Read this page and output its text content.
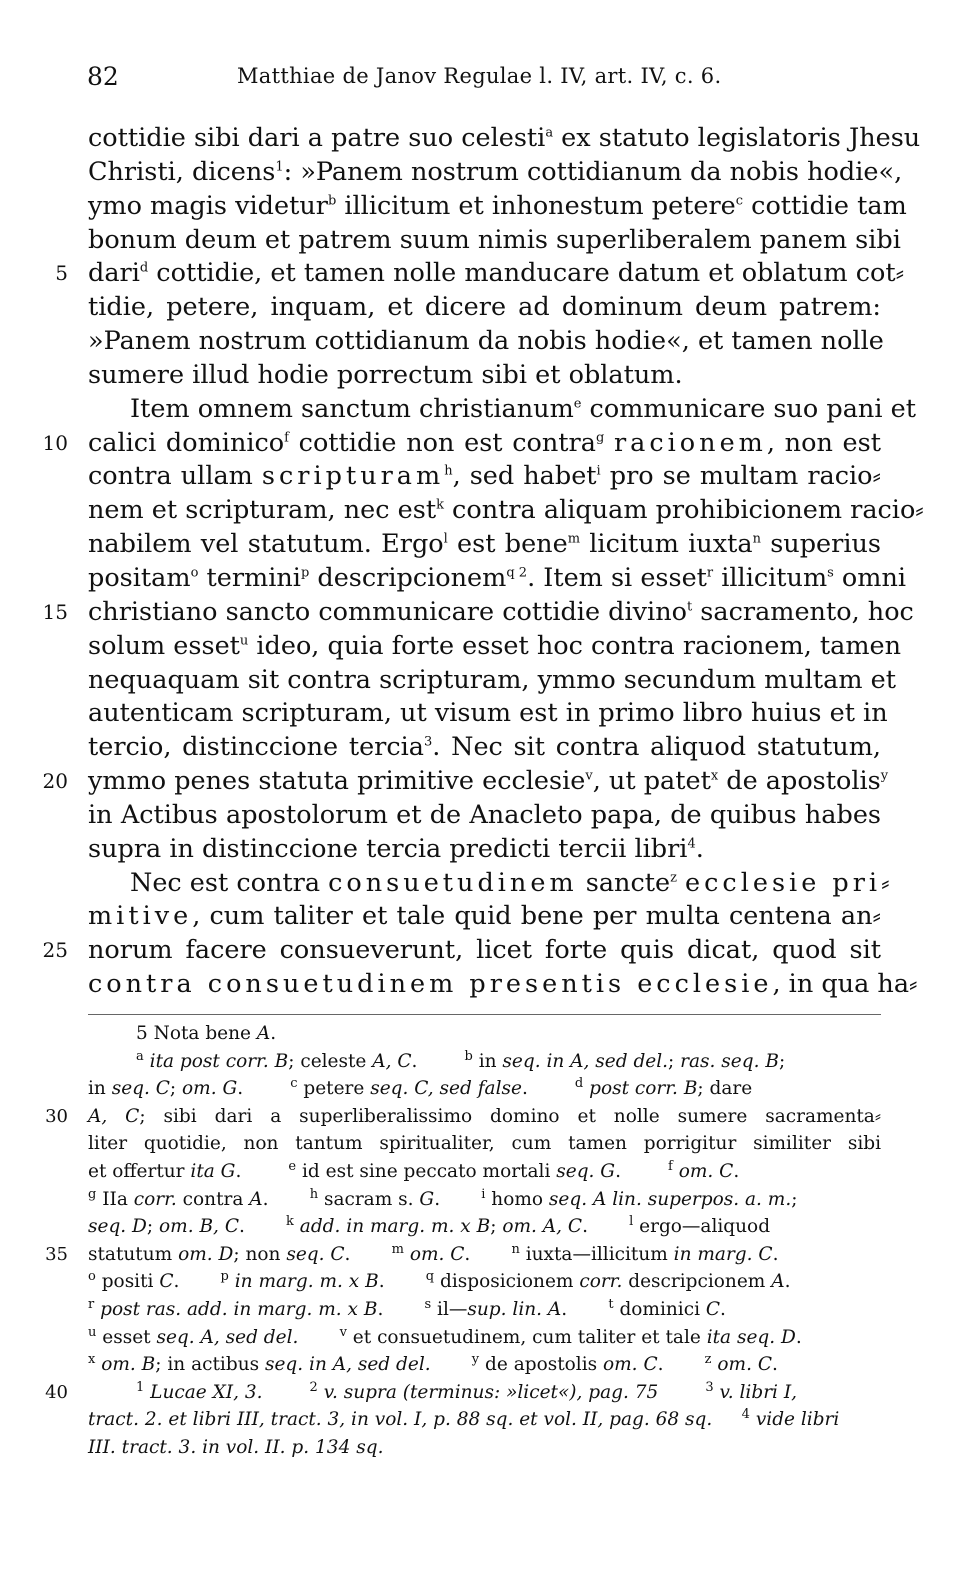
82	Matthiae de Janov Regulae l. IV, art. IV, c. 6.
cottidie sibi dari a patre suo celesti$^a$ ex statuto legislatoris Jhesu
Christi, dicens$^1$: »Panem nostrum cottidianum da nobis hodie«,
ymo magis videtur$^b$ illicitum et inhonestum petere$^c$ cottidie tam
bonum deum et patrem suum nimis superliberalem panem sibi
dari$^d$ cottidie, et tamen nolle manducare datum et oblatum cot⸗
5
tidie, petere, inquam, et dicere ad dominum deum patrem:
»Panem nostrum cottidianum da nobis hodie«, et tamen nolle
sumere illud hodie porrectum sibi et oblatum.
Item omnem sanctum christianum$^e$ communicare suo pani et
calici dominico$^f$ cottidie non est contra$^g$ racionem, non est
10
contra ullam scripturam$^h$, sed habet$^i$ pro se multam racio⸗
nem et scripturam, nec est$^k$ contra aliquam prohibicionem racio⸗
nabilem vel statutum. Ergo$^l$ est bene$^m$ licitum iuxta$^n$ superius
positam$^o$ termini$^p$ descripcionem$^{q 2}$. Item si esset$^r$ illicitum$^s$ omni
christiano sancto communicare cottidie divino$^t$ sacramento, hoc
15
solum esset$^u$ ideo, quia forte esset hoc contra racionem, tamen
nequaquam sit contra scripturam, ymmo secundum multam et
autenticam scripturam, ut visum est in primo libro huius et in
tercio, distinccione tercia$^3$. Nec sit contra aliquod statutum,
ymmo penes statuta primitive ecclesie$^v$, ut patet$^x$ de apostolis$^y$
20
in Actibus apostolorum et de Anacleto papa, de quibus habes
supra in distinccione tercia predicti tercii libri$^4$.
Nec est contra consuetudinem sancte$^z$ ecclesie pri⸗
mitive, cum taliter et tale quid bene per multa centena an⸗
norum facere consueverunt, licet forte quis dicat, quod sit
25
contra consuetudinem presentis ecclesie, in qua ha⸗
5 Nota bene A.
$^a$ ita post corr. B; celeste A, C.        $^b$ in seq. in A, sed del.; ras. seq. B;
in seq. C; om. G.        $^c$ petere seq. C, sed false.        $^d$ post corr. B; dare
A, C; sibi dari a superliberalissimo domino et nolle sumere sacramenta⸗
30
liter quotidie, non tantum spiritualiter, cum tamen porrigitur similiter sibi
et offertur ita G.        $^e$ id est sine peccato mortali seq. G.        $^f$ om. C.
$^g$ IIa corr. contra A.       $^h$ sacram s. G.       $^i$ homo seq. A lin. superpos. a. m.;
seq. D; om. B, C.       $^k$ add. in marg. m. x B; om. A, C.       $^l$ ergo—aliquod
statutum om. D; non seq. C.       $^m$ om. C.       $^n$ iuxta—illicitum in marg. C.
35
$^o$ positi C.       $^p$ in marg. m. x B.       $^q$ disposicionem corr. descripcionem A.
$^r$ post ras. add. in marg. m. x B.       $^s$ il—sup. lin. A.       $^t$ dominici C.
$^u$ esset seq. A, sed del.	$^v$ et consuetudinem, cum taliter et tale ita seq. D.
$^x$ om. B; in actibus seq. in A, sed del.	$^y$ de apostolis om. C.       $^z$ om. C.
$^1$ Lucae XI, 3.	$^2$ v. supra (terminus: »licet«), pag. 75	$^3$ v. libri I,
40
tract. 2. et libri III, tract. 3, in vol. I, p. 88 sq. et vol. II, pag. 68 sq. $^4$ vide libri
III. tract. 3. in vol. II. p. 134 sq.
